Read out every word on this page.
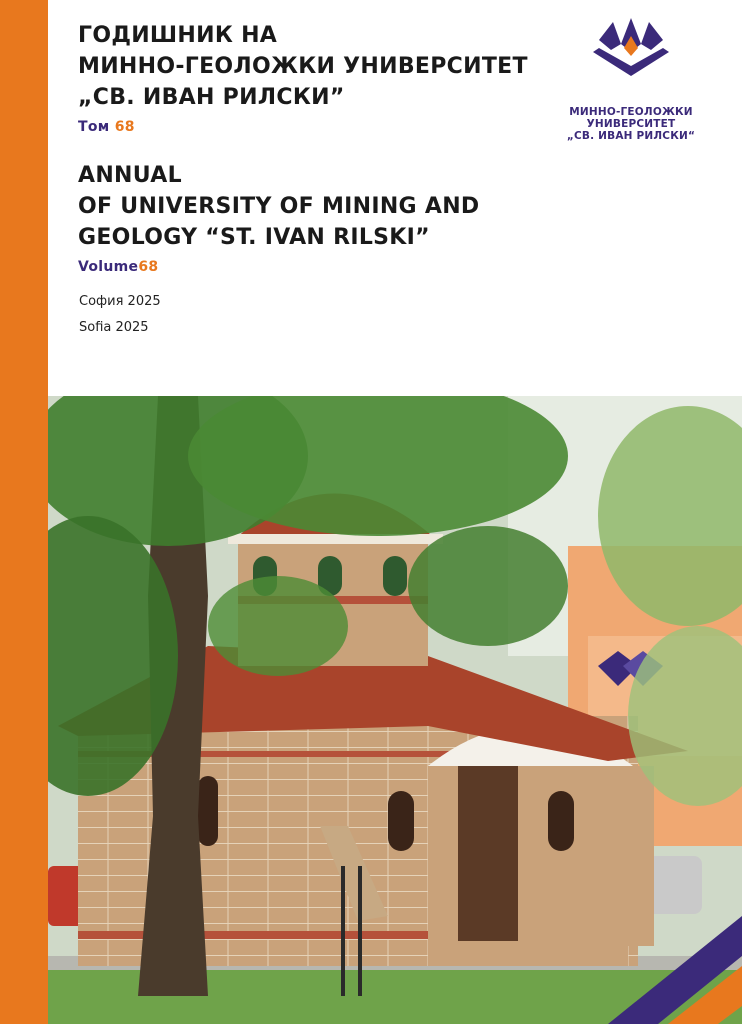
ГОДИШНИК НА
МИННО-ГЕОЛОЖКИ УНИВЕРСИТЕТ
„СВ. ИВАН РИЛСКИ”
Том 68
ANNUAL
OF UNIVERSITY OF MINING AND
GEOLOGY “ST. IVAN RILSKI”
Volume68
София 2025
Sofia 2025
МИННО-ГЕОЛОЖКИ
УНИВЕРСИТЕТ
„СВ. ИВАН РИЛСКИ“
